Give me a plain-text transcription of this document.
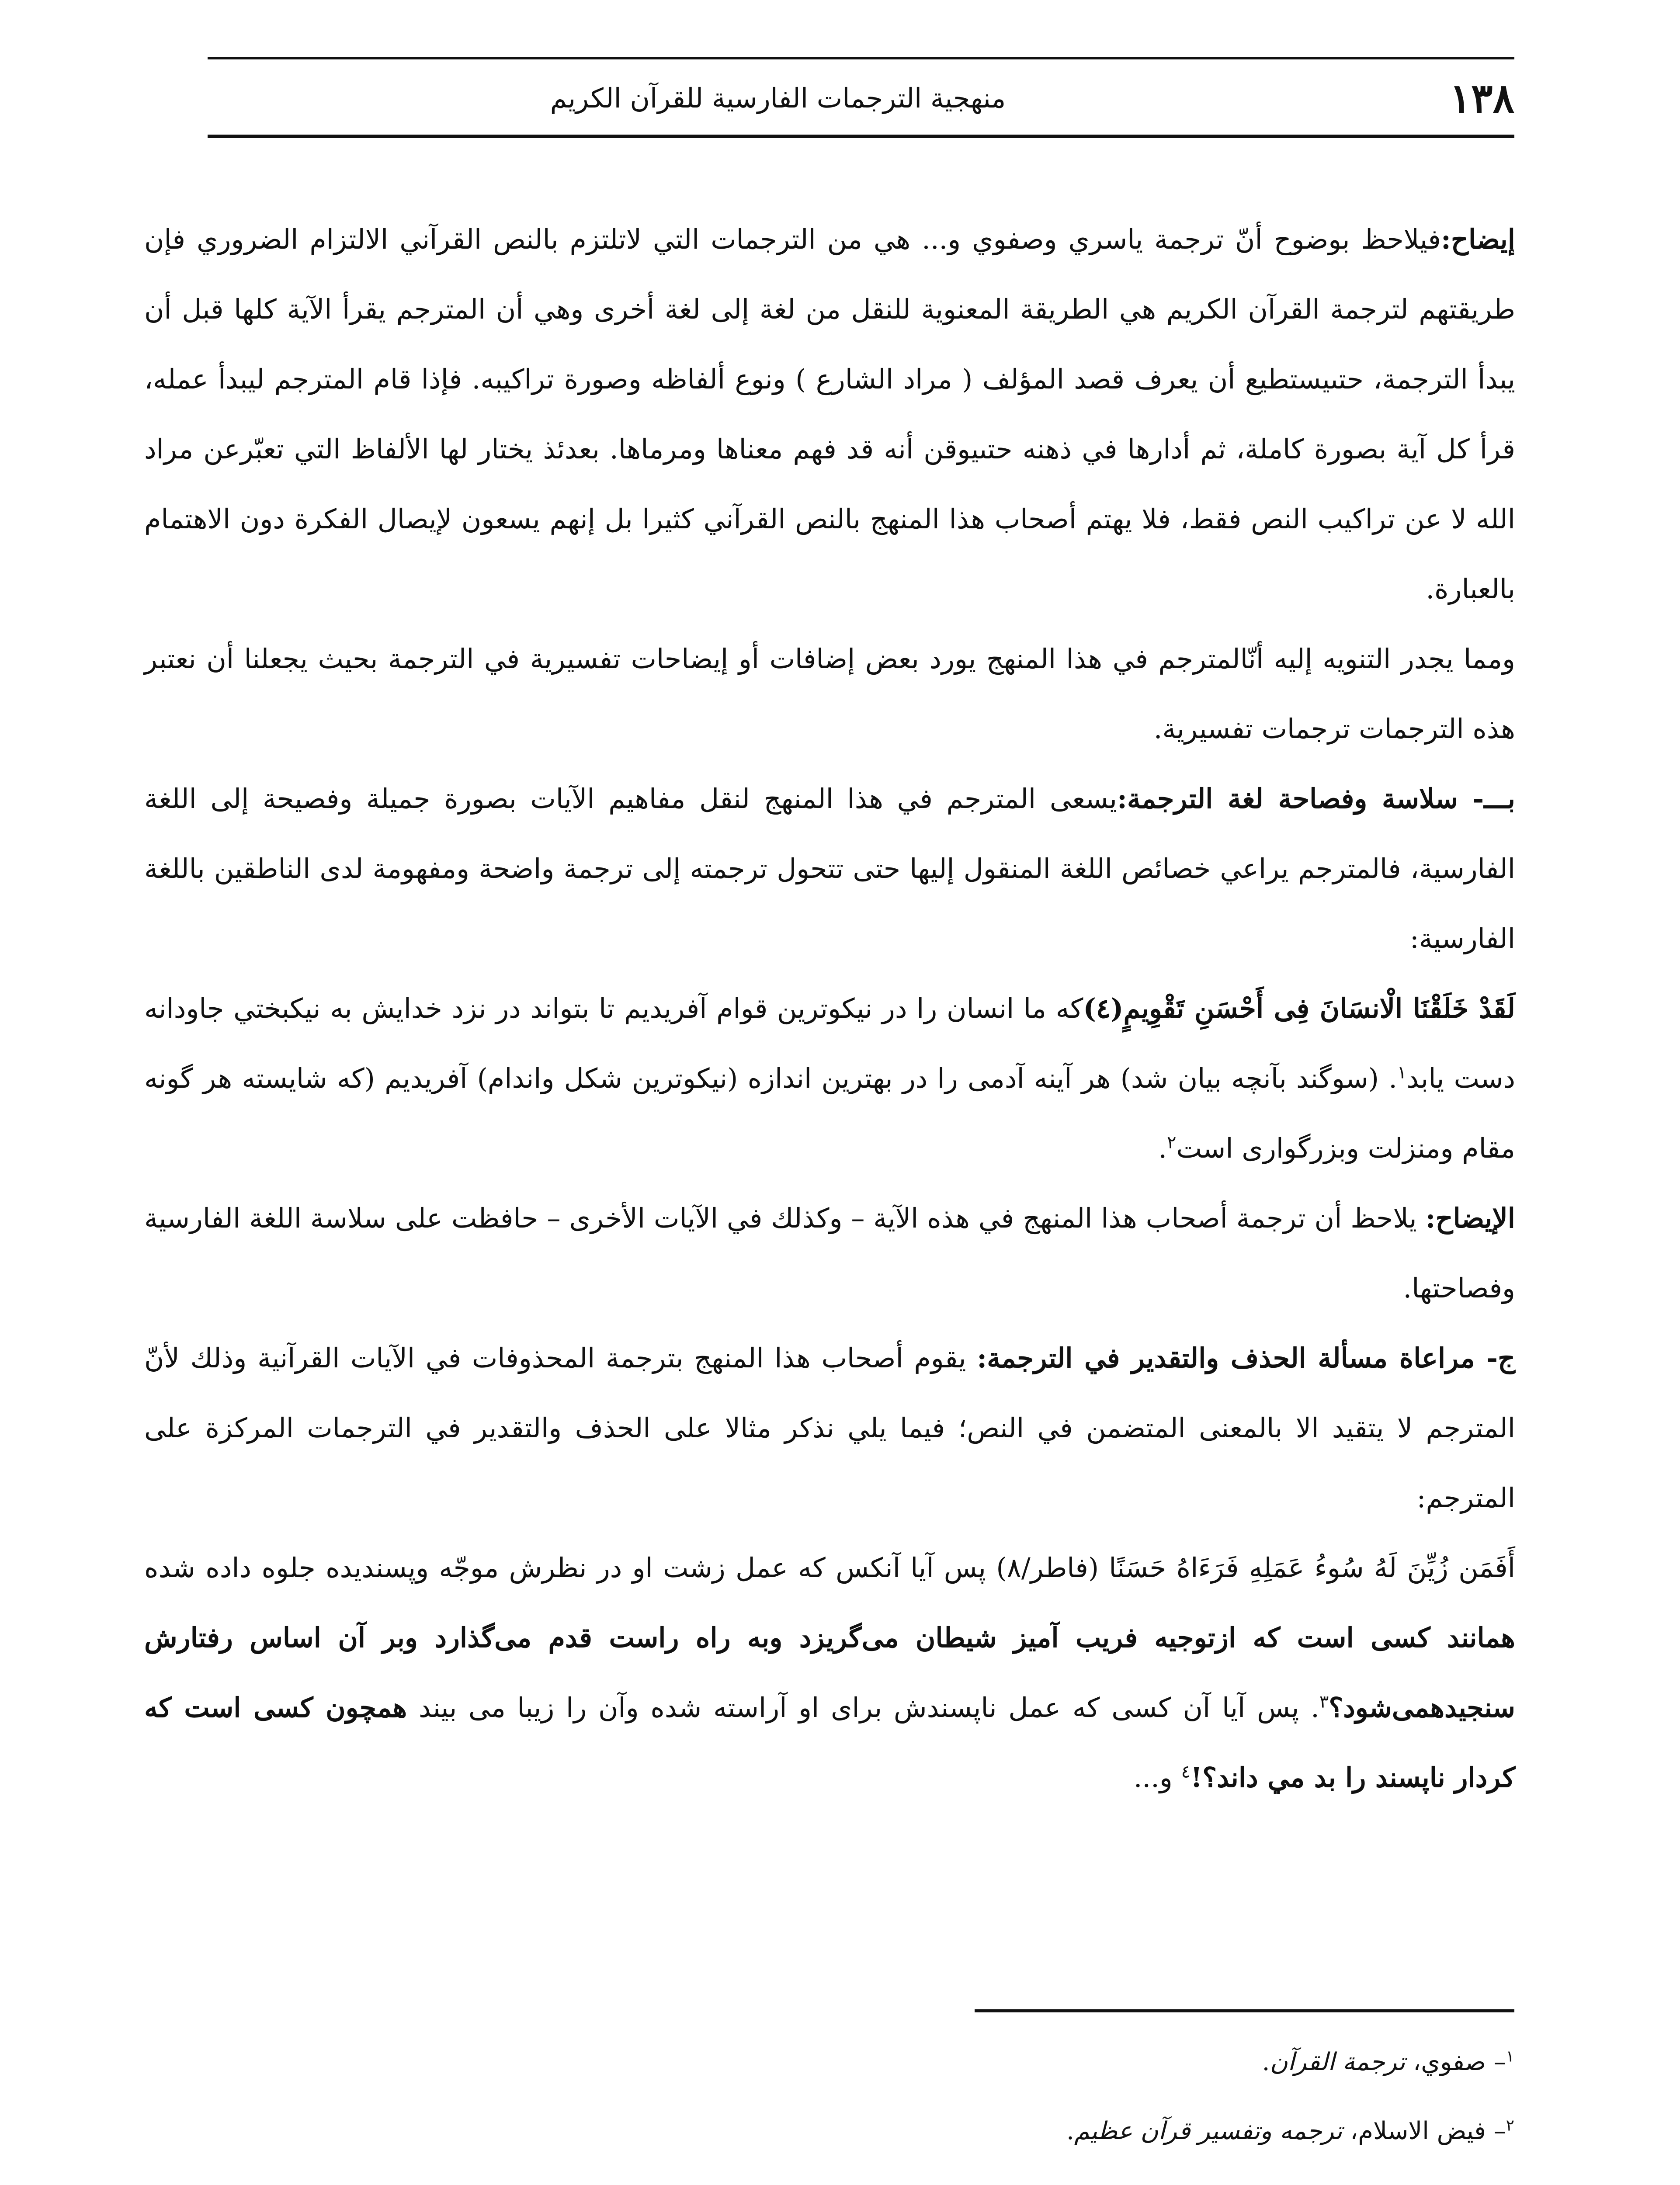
١٣٨
منهجية الترجمات الفارسية للقرآن الكريم

إيضاح:فيلاحظ بوضوح أنّ ترجمة ياسري وصفوي و... هي من الترجمات التي لاتلتزم بالنص القرآني الالتزام الضروري فإن طريقتهم لترجمة القرآن الكريم هي الطريقة المعنوية للنقل من لغة إلى لغة أخرى وهي أن المترجم يقرأ الآية كلها قبل أن يبدأ الترجمة، حتىيستطيع أن يعرف قصد المؤلف ( مراد الشارع ) ونوع ألفاظه وصورة تراكيبه. فإذا قام المترجم ليبدأ عمله، قرأ كل آية بصورة كاملة، ثم أدارها في ذهنه حتىيوقن أنه قد فهم معناها ومرماها. بعدئذ يختار لها الألفاظ التي تعبّرعن مراد الله لا عن تراكيب النص فقط، فلا يهتم أصحاب هذا المنهج بالنص القرآني كثيرا بل إنهم يسعون لإيصال الفكرة دون الاهتمام بالعبارة.

ومما يجدر التنويه إليه أنّالمترجم في هذا المنهج يورد بعض إضافات أو إيضاحات تفسيرية في الترجمة بحيث يجعلنا أن نعتبر هذه الترجمات ترجمات تفسيرية.

بـــ- سلاسة وفصاحة لغة الترجمة:يسعى المترجم في هذا المنهج لنقل مفاهيم الآيات بصورة جميلة وفصيحة إلى اللغة الفارسية، فالمترجم يراعي خصائص اللغة المنقول إليها حتى تتحول ترجمته إلى ترجمة واضحة ومفهومة لدى الناطقين باللغة الفارسية:

لَقَدْ خَلَقْنَا الْانسَانَ فِى أَحْسَنِ تَقْوِيمٍ(٤)كه ما انسان را در نيكوترين قوام آفريديم تا بتواند در نزد خدايش به نيكبختي جاودانه دست يابد$^١$. (سوگند بآنچه بيان شد) هر آينه آدمی را در بهترين اندازه (نيكوترين شكل واندام) آفريديم (كه شايسته هر گونه مقام ومنزلت وبزرگواری است$^٢$.

الإيضاح: يلاحظ أن ترجمة أصحاب هذا المنهج في هذه الآية – وكذلك في الآيات الأخرى – حافظت على سلاسة اللغة الفارسية وفصاحتها.

ج- مراعاة مسألة الحذف والتقدير في الترجمة: يقوم أصحاب هذا المنهج بترجمة المحذوفات في الآيات القرآنية وذلك لأنّ المترجم لا يتقيد الا بالمعنى المتضمن في النص؛ فيما يلي نذكر مثالا على الحذف والتقدير في الترجمات المركزة على المترجم:

أَفَمَن زُيِّنَ لَهُ سُوءُ عَمَلِهِ فَرَءَاهُ حَسَنًا (فاطر/٨) پس آيا آنكس كه عمل زشت او در نظرش موجّه وپسنديده جلوه داده شده همانند كسی است كه ازتوجيه فريب آميز شيطان می‌گريزد وبه راه راست قدم می‌گذارد وبر آن اساس رفتارش سنجيدهمی‌شود؟$^٣$. پس آيا آن كسی كه عمل ناپسندش برای او آراسته شده وآن را زيبا می بيند همچون كسی است كه كردار ناپسند را بد مي داند؟!$^٤$ و...

$^١$– صفوي، ترجمة القرآن.

$^٢$– فيض الاسلام، ترجمه وتفسير قرآن عظيم.
